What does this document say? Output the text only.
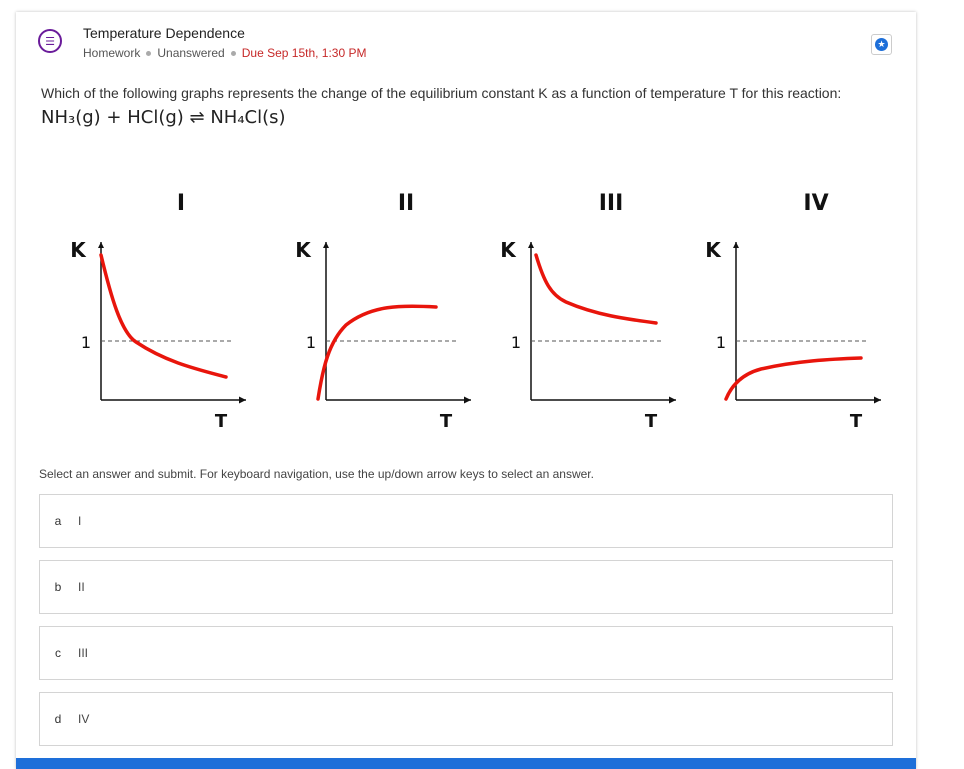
☰
Temperature Dependence
Homework Unanswered Due Sep 15th, 1:30 PM
★
Which of the following graphs represents the change of the equilibrium constant K as a function of temperature T for this reaction:
NH₃(g) + HCl(g) ⇌ NH₄Cl(s)
I
K
T
1
II
K
T
1
III
K
T
1
IV
K
T
1
Select an answer and submit. For keyboard navigation, use the up/down arrow keys to select an answer.
a	I
b	II
c	III
d	IV
